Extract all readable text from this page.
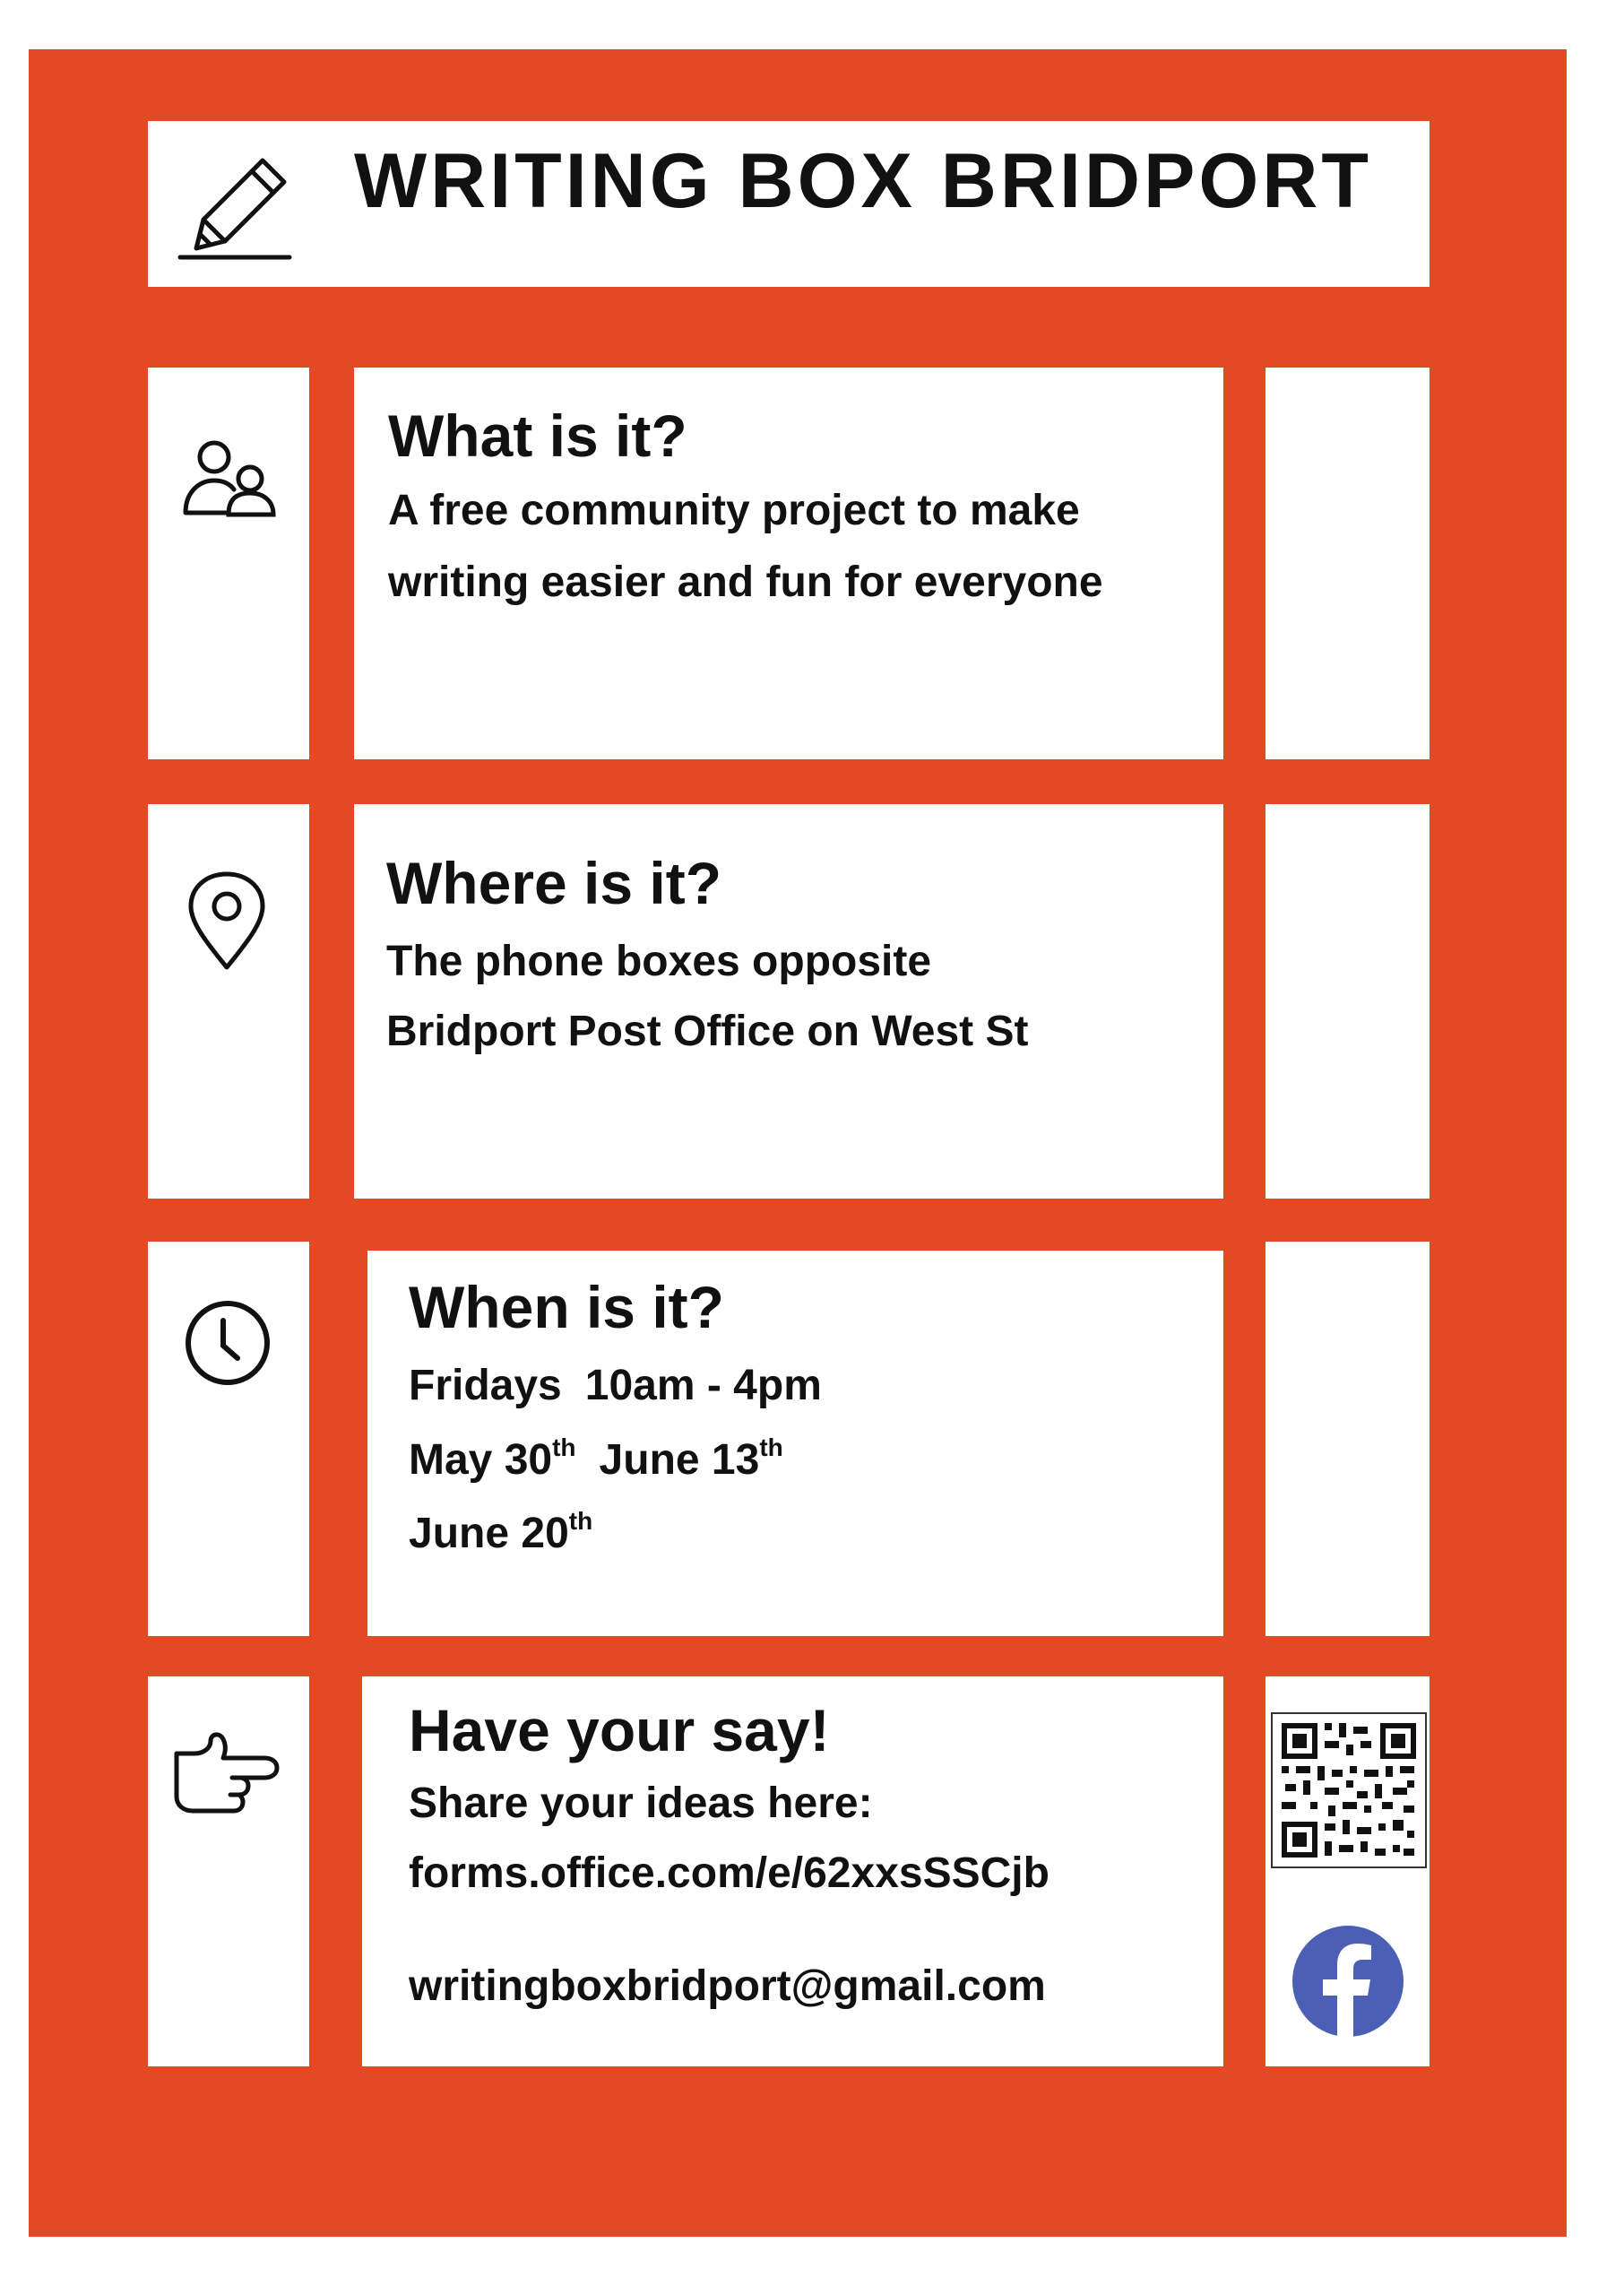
WRITING BOX BRIDPORT
What is it?

A free community project to make

writing easier and fun for everyone

Where is it?

The phone boxes opposite

Bridport Post Office on West St

When is it?

Fridays 10am - 4pm

May 30th June 13th

June 20th

Have your say!

Share your ideas here:

forms.office.com/e/62xxsSSCjb

writingboxbridport@gmail.com
